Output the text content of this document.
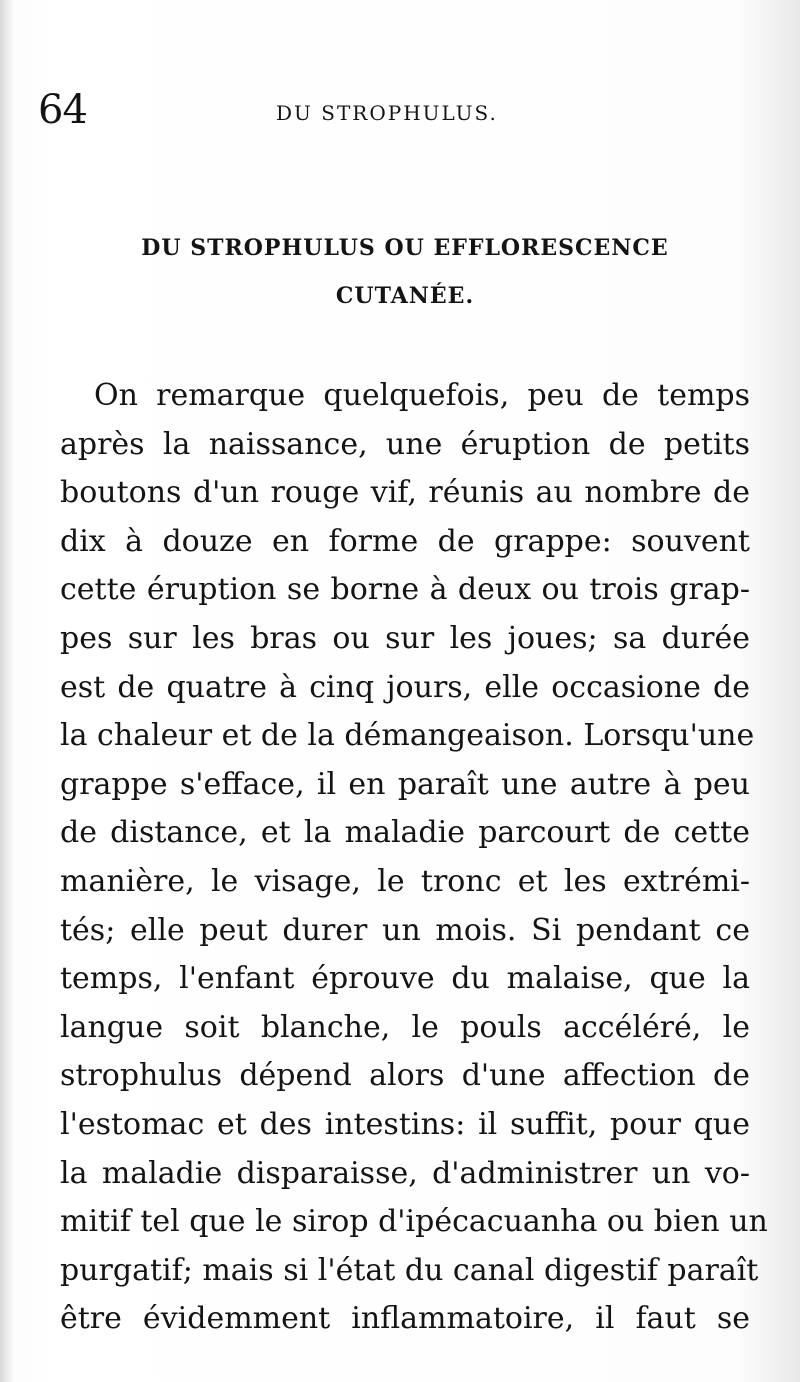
64	DU STROPHULUS.
DU STROPHULUS OU EFFLORESCENCE
CUTANÉE.
On remarque quelquefois, peu de temps
après la naissance, une éruption de petits
boutons d'un rouge vif, réunis au nombre de
dix à douze en forme de grappe: souvent
cette éruption se borne à deux ou trois grap-
pes sur les bras ou sur les joues; sa durée
est de quatre à cinq jours, elle occasione de
la chaleur et de la démangeaison. Lorsqu'une
grappe s'efface, il en paraît une autre à peu
de distance, et la maladie parcourt de cette
manière, le visage, le tronc et les extrémi-
tés; elle peut durer un mois. Si pendant ce
temps, l'enfant éprouve du malaise, que la
langue soit blanche, le pouls accéléré, le
strophulus dépend alors d'une affection de
l'estomac et des intestins: il suffit, pour que
la maladie disparaisse, d'administrer un vo-
mitif tel que le sirop d'ipécacuanha ou bien un
purgatif; mais si l'état du canal digestif paraît
être évidemment inflammatoire, il faut se
